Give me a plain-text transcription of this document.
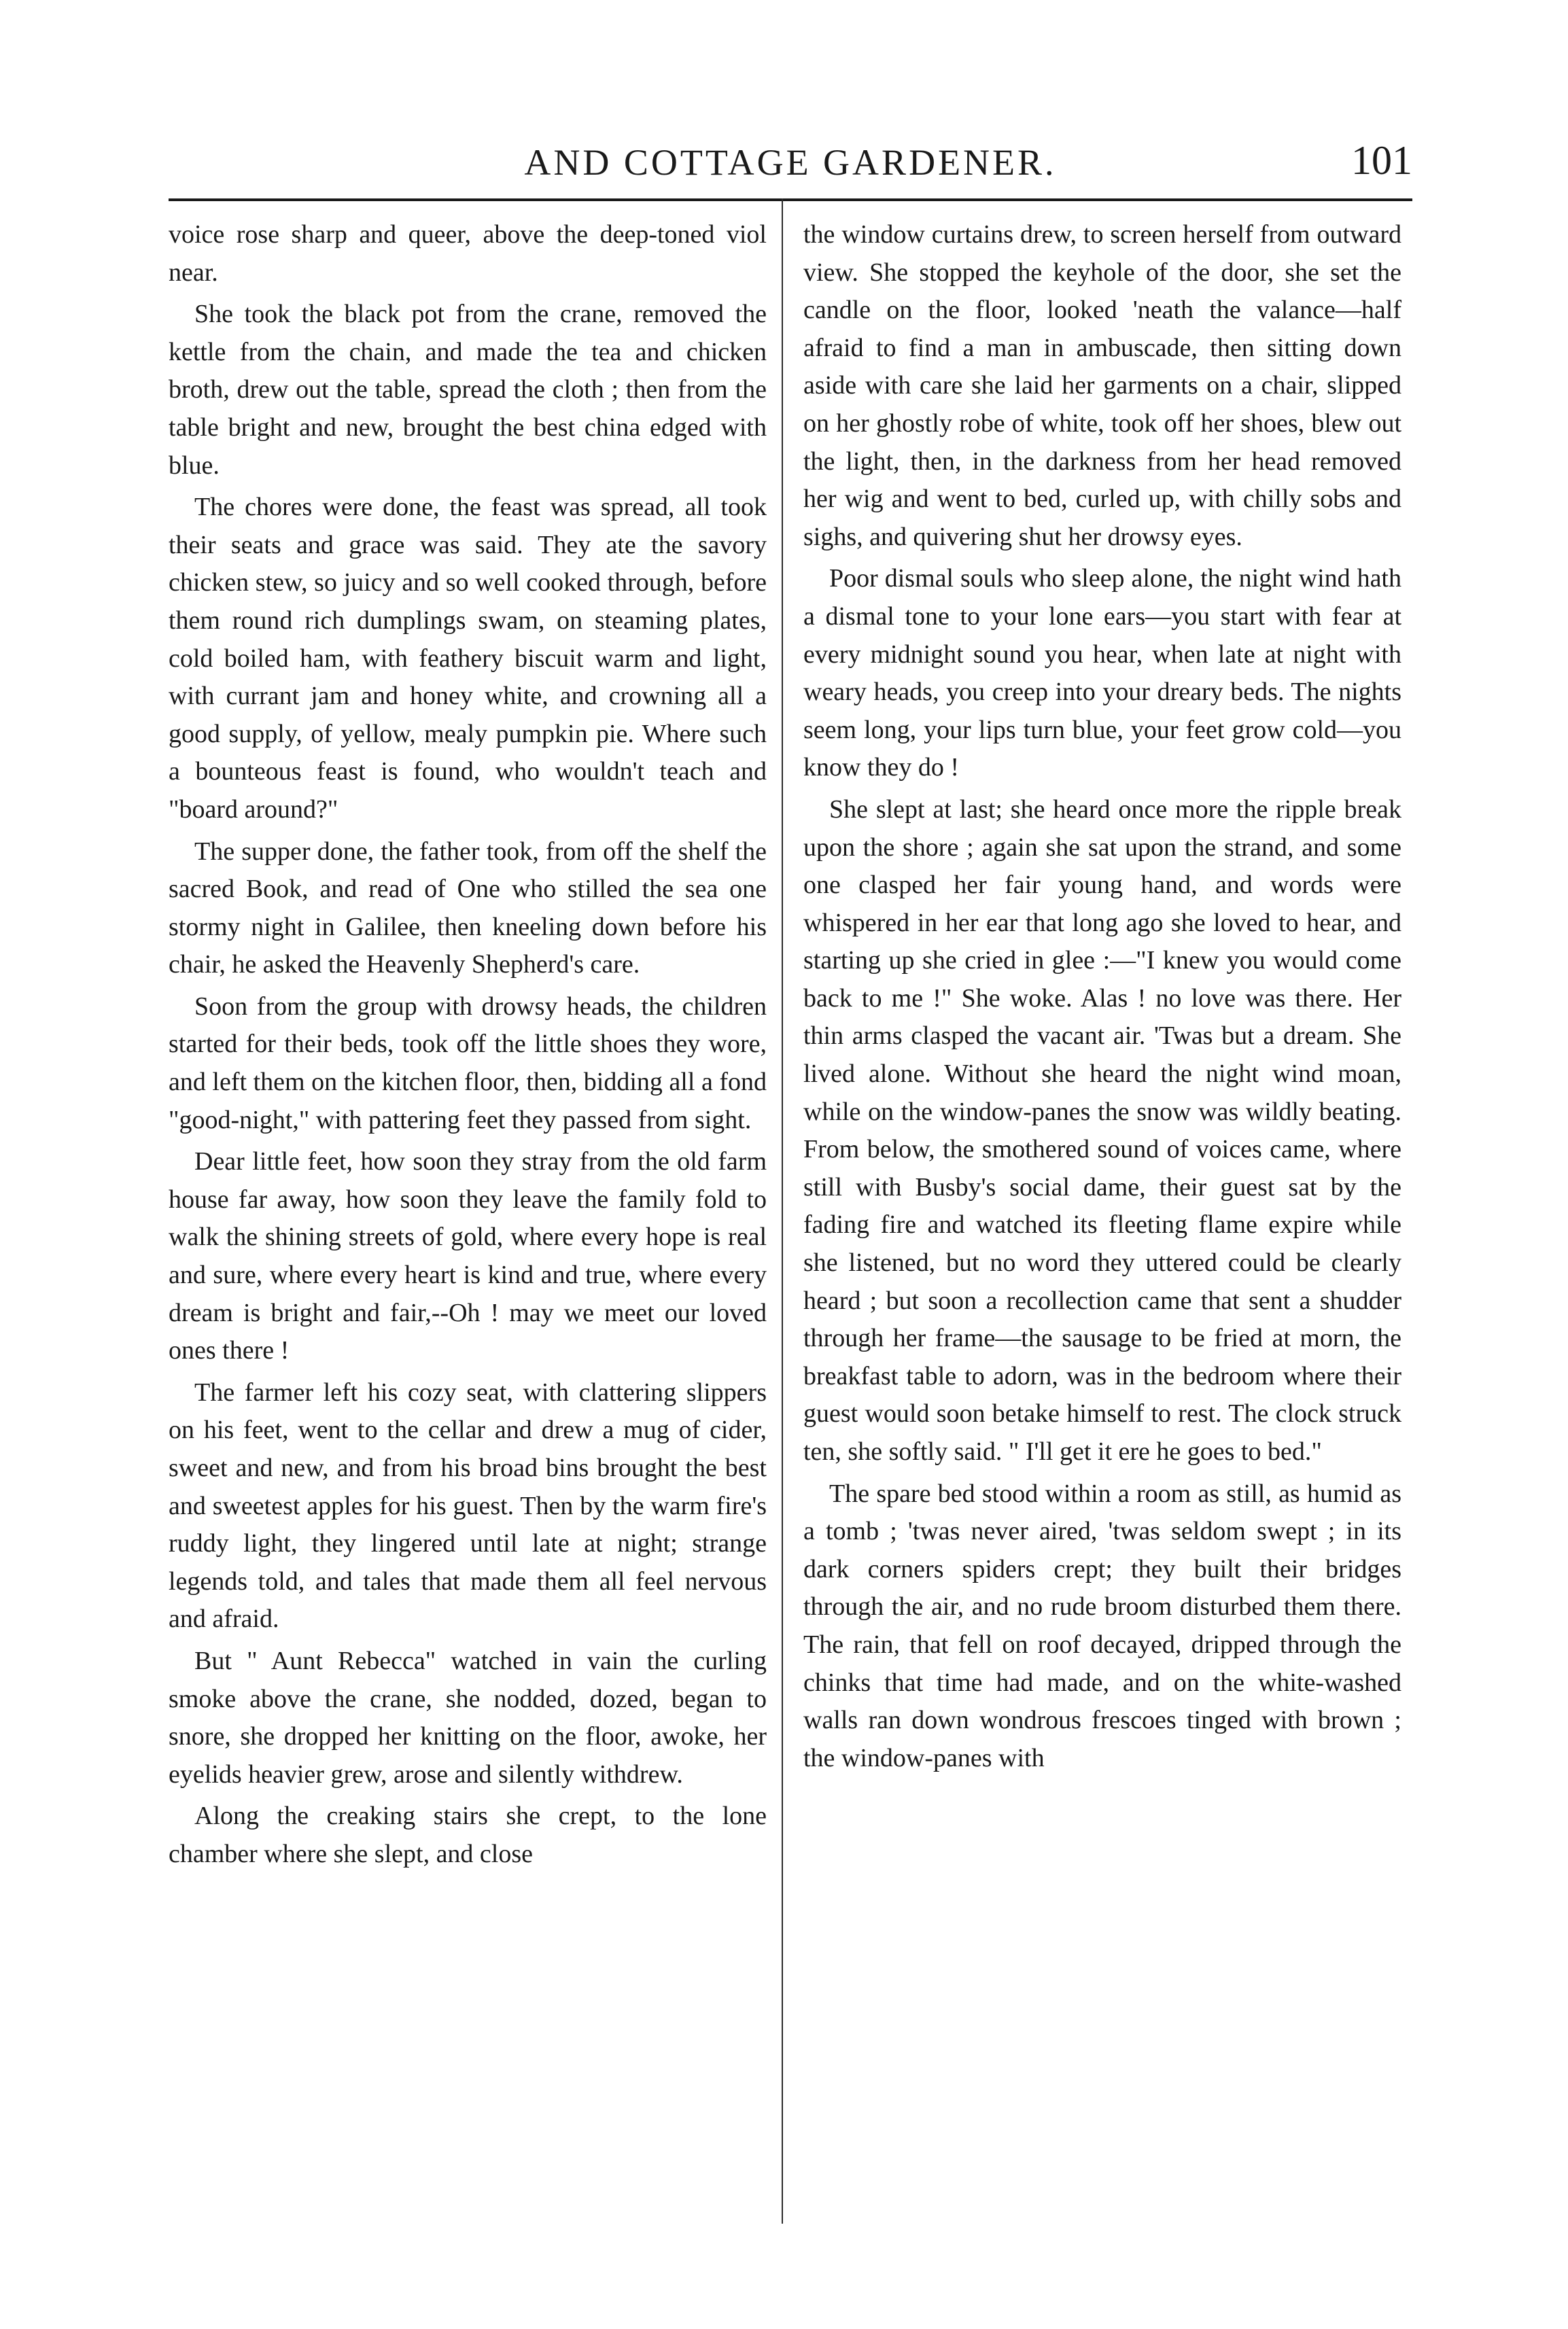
AND COTTAGE GARDENER.	101

voice rose sharp and queer, above the deep-toned viol near.

She took the black pot from the crane, removed the kettle from the chain, and made the tea and chicken broth, drew out the table, spread the cloth ; then from the table bright and new, brought the best china edged with blue.

The chores were done, the feast was spread, all took their seats and grace was said. They ate the savory chicken stew, so juicy and so well cooked through, before them round rich dumplings swam, on steaming plates, cold boiled ham, with feathery biscuit warm and light, with currant jam and honey white, and crowning all a good supply, of yellow, mealy pumpkin pie. Where such a bounteous feast is found, who wouldn't teach and "board around?"

The supper done, the father took, from off the shelf the sacred Book, and read of One who stilled the sea one stormy night in Galilee, then kneeling down before his chair, he asked the Heavenly Shepherd's care.

Soon from the group with drowsy heads, the children started for their beds, took off the little shoes they wore, and left them on the kitchen floor, then, bidding all a fond "good-night," with pattering feet they passed from sight.

Dear little feet, how soon they stray from the old farm house far away, how soon they leave the family fold to walk the shining streets of gold, where every hope is real and sure, where every heart is kind and true, where every dream is bright and fair,--Oh ! may we meet our loved ones there !

The farmer left his cozy seat, with clattering slippers on his feet, went to the cellar and drew a mug of cider, sweet and new, and from his broad bins brought the best and sweetest apples for his guest. Then by the warm fire's ruddy light, they lingered until late at night; strange legends told, and tales that made them all feel nervous and afraid.

But " Aunt Rebecca" watched in vain the curling smoke above the crane, she nodded, dozed, began to snore, she dropped her knitting on the floor, awoke, her eyelids heavier grew, arose and silently withdrew.

Along the creaking stairs she crept, to the lone chamber where she slept, and close

the window curtains drew, to screen herself from outward view. She stopped the keyhole of the door, she set the candle on the floor, looked 'neath the valance—half afraid to find a man in ambuscade, then sitting down aside with care she laid her garments on a chair, slipped on her ghostly robe of white, took off her shoes, blew out the light, then, in the darkness from her head removed her wig and went to bed, curled up, with chilly sobs and sighs, and quivering shut her drowsy eyes.

Poor dismal souls who sleep alone, the night wind hath a dismal tone to your lone ears—you start with fear at every midnight sound you hear, when late at night with weary heads, you creep into your dreary beds. The nights seem long, your lips turn blue, your feet grow cold—you know they do !

She slept at last; she heard once more the ripple break upon the shore ; again she sat upon the strand, and some one clasped her fair young hand, and words were whispered in her ear that long ago she loved to hear, and starting up she cried in glee :—"I knew you would come back to me !" She woke. Alas ! no love was there. Her thin arms clasped the vacant air. 'Twas but a dream. She lived alone. Without she heard the night wind moan, while on the window-panes the snow was wildly beating. From below, the smothered sound of voices came, where still with Busby's social dame, their guest sat by the fading fire and watched its fleeting flame expire while she listened, but no word they uttered could be clearly heard ; but soon a recollection came that sent a shudder through her frame—the sausage to be fried at morn, the breakfast table to adorn, was in the bedroom where their guest would soon betake himself to rest. The clock struck ten, she softly said. " I'll get it ere he goes to bed."

The spare bed stood within a room as still, as humid as a tomb ; 'twas never aired, 'twas seldom swept ; in its dark corners spiders crept; they built their bridges through the air, and no rude broom disturbed them there. The rain, that fell on roof decayed, dripped through the chinks that time had made, and on the white-washed walls ran down wondrous frescoes tinged with brown ; the window-panes with
